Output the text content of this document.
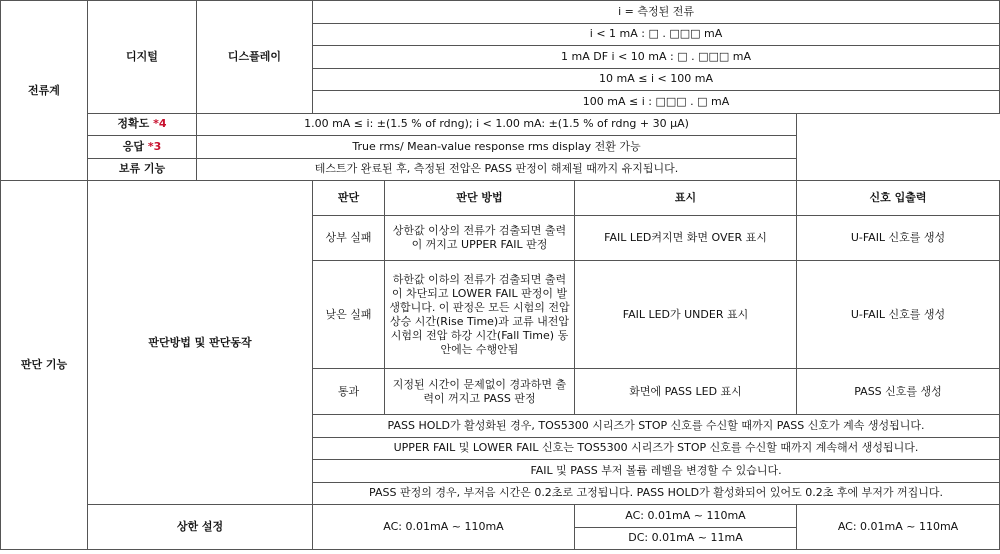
전류계	디지털	디스플레이	i = 측정된 전류			
			i < 1 mA : □ . □□□ mA			
			1 mA DF i < 10 mA : □ . □□□ mA			
			10 mA ≤ i < 100 mA			
			100 mA ≤ i : □□□ . □ mA			
	정확도 *4	1.00 mA ≤ i: ±(1.5 % of rdng); i < 1.00 mA: ±(1.5 % of rdng + 30 μA)				
	응답 *3	True rms/ Mean-value response rms display 전환 가능				
	보류 기능	테스트가 완료된 후, 측정된 전압은 PASS 판정이 해제될 때까지 유지됩니다.				
판단 기능	판단방법 및 판단동작		판단	판단 방법	표시	신호 입출력
			상부 실패	상한값 이상의 전류가 검출되면 출력이 꺼지고 UPPER FAIL 판정	FAIL LED켜지면 화면 OVER 표시	U-FAIL 신호를 생성
			낮은 실패	하한값 이하의 전류가 검출되면 출력이 차단되고 LOWER FAIL 판정이 발생합니다. 이 판정은 모든 시험의 전압 상승 시간(Rise Time)과 교류 내전압 시험의 전압 하강 시간(Fall Time) 동안에는 수행안됨	FAIL LED가 UNDER 표시	U-FAIL 신호를 생성
			통과	지정된 시간이 문제없이 경과하면 출력이 꺼지고 PASS 판정	화면에 PASS LED 표시	PASS 신호를 생성
			PASS HOLD가 활성화된 경우, TOS5300 시리즈가 STOP 신호를 수신할 때까지 PASS 신호가 계속 생성됩니다.			
			UPPER FAIL 및 LOWER FAIL 신호는 TOS5300 시리즈가 STOP 신호를 수신할 때까지 계속해서 생성됩니다.			
			FAIL 및 PASS 부저 볼륨 레벨을 변경할 수 있습니다.			
			PASS 판정의 경우, 부저음 시간은 0.2초로 고정됩니다. PASS HOLD가 활성화되어 있어도 0.2초 후에 부저가 꺼집니다.			
	상한 설정		AC: 0.01mA ~ 110mA		AC: 0.01mA ~ 110mA	AC: 0.01mA ~ 110mA
					DC: 0.01mA ~ 11mA	
